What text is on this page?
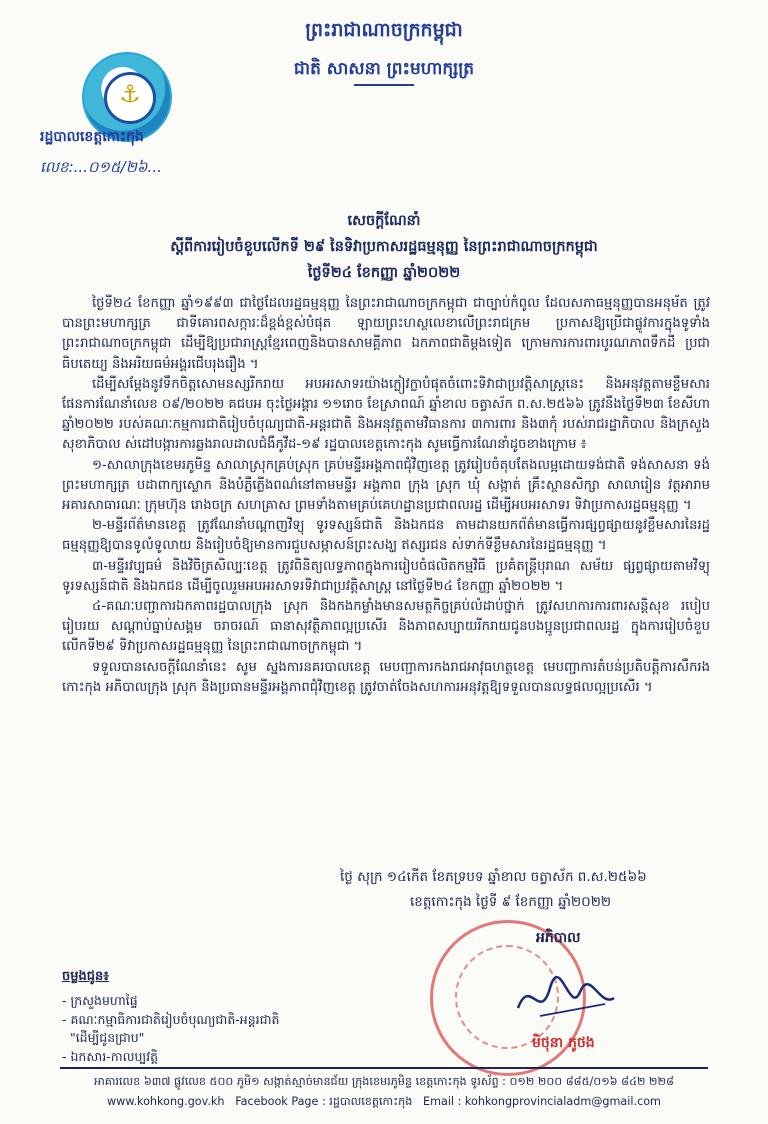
ព្រះរាជាណាចក្រកម្ពុជា
ជាតិ សាសនា ព្រះមហាក្សត្រ
⚓
រដ្ឋបាលខេត្តកោះកុង
លេខ:...០១៥/២៦...
សេចក្តីណែនាំ
ស្តីពីការរៀបចំខួបលើកទី ២៩ នៃទិវាប្រកាសរដ្ឋធម្មនុញ្ញ នៃព្រះរាជាណាចក្រកម្ពុជា
ថ្ងៃទី២៤ ខែកញ្ញា ឆ្នាំ២០២២

ថ្ងៃទី២៤ ខែកញ្ញា ឆ្នាំ១៩៩៣ ជាថ្ងៃដែលរដ្ឋធម្មនុញ្ញ នៃព្រះរាជាណាចក្រកម្ពុជា ជាច្បាប់កំពូល ដែលសភាធម្មនុញ្ញបានអនុម័ត ត្រូវបានព្រះមហាក្សត្រ ជាទីគោរពសក្ការៈដ៏ខ្ពង់ខ្ពស់បំផុត ឡាយព្រះហស្ថលេខាលើព្រះរាជក្រម ប្រកាសឱ្យប្រើជាផ្លូវការក្នុងទូទាំងព្រះរាជាណាចក្រកម្ពុជា ដើម្បីឱ្យប្រជារាស្ត្រខ្មែរពេញនិងបានសាមគ្គីភាព ឯកភាពជាតិម្តងទៀត ក្រោមការការពារបូរណភាពទឹកដី ប្រជាធិបតេយ្យ និងអរិយធម៌អង្គរជើបរុងរឿង ។

ដើម្បីសម្តែងនូវទឹកចិត្តសោមនស្សរីករាយ អបអរសាទរយ៉ាងក្លៀវក្លាបំផុតចំពោះទិវាជាប្រវត្តិសាស្ត្រនេះ និងអនុវត្តតាមខ្លឹមសារផែនការណែនាំលេខ ០៩/២០២២ គជបអ ចុះថ្ងៃអង្គារ ១១រោច ខែស្រាពណ៍ ឆ្នាំខាល ចត្វាស័ក ព.ស.២៥៦៦ ត្រូវនឹងថ្ងៃទី២៣ ខែសីហា ឆ្នាំ២០២២ របស់គណៈកម្មការជាតិរៀបចំបុណ្យជាតិ-អន្តរជាតិ និងអនុវត្តតាមវិធានការ ៣ការពារ និង៣កុំ របស់រាជរដ្ឋាភិបាល និងក្រសួងសុខាភិបាល ស់ដៅបង្ការការឆ្លងរាលដាលជំងឺកូវីដ-១៩ រដ្ឋបាលខេត្តកោះកុង សូមធ្វើការណែនាំដូចខាងក្រោម ៖

១-សាលាក្រុងខេមរភូមិន្ទ សាលាស្រុកគ្រប់ស្រុក គ្រប់មន្ទីរអង្គភាពជុំវិញខេត្ត ត្រូវរៀបចំតុបតែងលម្អដោយទង់ជាតិ ទង់សាសនា ទង់ព្រះមហាក្សត្រ បដាពាក្យស្លោក និងបំភ្លឺភ្លើងពណ៌នៅតាមមន្ទីរ អង្គភាព ក្រុង ស្រុក ឃុំ សង្កាត់ គ្រឹះស្ថានសិក្សា សាលារៀន វត្តអារាម អគារសាធារណៈ ក្រុមហ៊ុន រោងចក្រ សហគ្រាស ព្រមទាំងតាមគ្រប់គេហដ្ឋានប្រជាពលរដ្ឋ ដើម្បីអបអរសាទរ ទិវាប្រកាសរដ្ឋធម្មនុញ្ញ ។

២-មន្ទីរព័ត៌មានខេត្ត ត្រូវណែនាំបណ្តាញវិទ្យុ ទូរទស្សន៍ជាតិ និងឯកជន តាមដានយកព័ត៌មានធ្វើការផ្សព្វផ្សាយនូវខ្លឹមសារនៃរដ្ឋធម្មនុញ្ញឱ្យបានទូលំទូលាយ និងរៀបចំឱ្យមានការជួបសម្ភាសន៍ព្រះសង្ឃ ឥស្សរជន ស់ទាក់ទីខ្លឹមសារនៃរដ្ឋធម្មនុញ្ញ ។

៣-មន្ទីរវប្បធម៌ និងវិចិត្រសិល្បៈខេត្ត ត្រូវពិនិត្យលទ្ធភាពក្នុងការរៀបចំផលិតកម្មវិធី ប្រគំតន្ត្រីបុរាណ សម័យ ផ្សព្វផ្សាយតាមវិទ្យុ ទូរទស្សន៍ជាតិ និងឯកជន ដើម្បីចូលរួមអបអរសាទរទិវាជាប្រវត្តិសាស្ត្រ នៅថ្ងៃទី២៤ ខែកញ្ញា ឆ្នាំ២០២២ ។

៤-គណៈបញ្ជាការឯកភាពរដ្ឋបាលក្រុង ស្រុក និងកងកម្លាំងមានសមត្ថកិច្ចគ្រប់លំដាប់ថ្នាក់ ត្រូវសហការការពារសន្តិសុខ របៀបរៀបរយ សណ្តាប់ធ្នាប់សង្គម ចរាចរណ៍ ធានាសុវត្ថិភាពល្អប្រសើរ និងភាពសប្បាយរីករាយជូនបងប្អូនប្រជាពលរដ្ឋ ក្នុងការរៀបចំខួបលើកទី២៩ ទិវាប្រកាសរដ្ឋធម្មនុញ្ញ នៃព្រះរាជាណាចក្រកម្ពុជា ។

ទទួលបានសេចក្តីណែនាំនេះ សូម ស្នងការនគរបាលខេត្ត មេបញ្ជាការកងរាជអាវុធហត្ថខេត្ត មេបញ្ជាការតំបន់ប្រតិបត្តិការសឹករងកោះកុង អភិបាលក្រុង ស្រុក និងប្រធានមន្ទីរអង្គភាពជុំវិញខេត្ត ត្រូវចាត់ចែងសហការអនុវត្តឱ្យទទួលបានលទ្ធផលល្អប្រសើរ ។

ថ្ងៃ សុក្រ ១៤កើត ខែភទ្របទ ឆ្នាំខាល ចត្វាស័ក ព.ស.២៥៦៦
ខេត្តកោះកុង ថ្ងៃទី ៩ ខែកញ្ញា ឆ្នាំ២០២២
អភិបាល
មិថុនា ភូថង
ចម្លងជូន៖
- ក្រសួងមហាផ្ទៃ
- គណៈកម្មាធិការជាតិរៀបចំបុណ្យជាតិ-អន្តរជាតិ
"ដើម្បីជូនជ្រាប"
- ឯកសារ-កាលប្បវត្តិ
អាគារលេខ ៦៣៧ ផ្លូវលេខ ៥០០ ភូមិ១ សង្កាត់ស្មាច់មានជ័យ ក្រុងខេមរភូមិន្ទ ខេត្តកោះកុង ទូរស័ព្ទ : ០១២ ២០០ ៨៨៥/០១៦ ៨៤២ ២២៨
www.kohkong.gov.kh Facebook Page : រដ្ឋបាលខេត្តកោះកុង Email : kohkongprovincialadm@gmail.com
